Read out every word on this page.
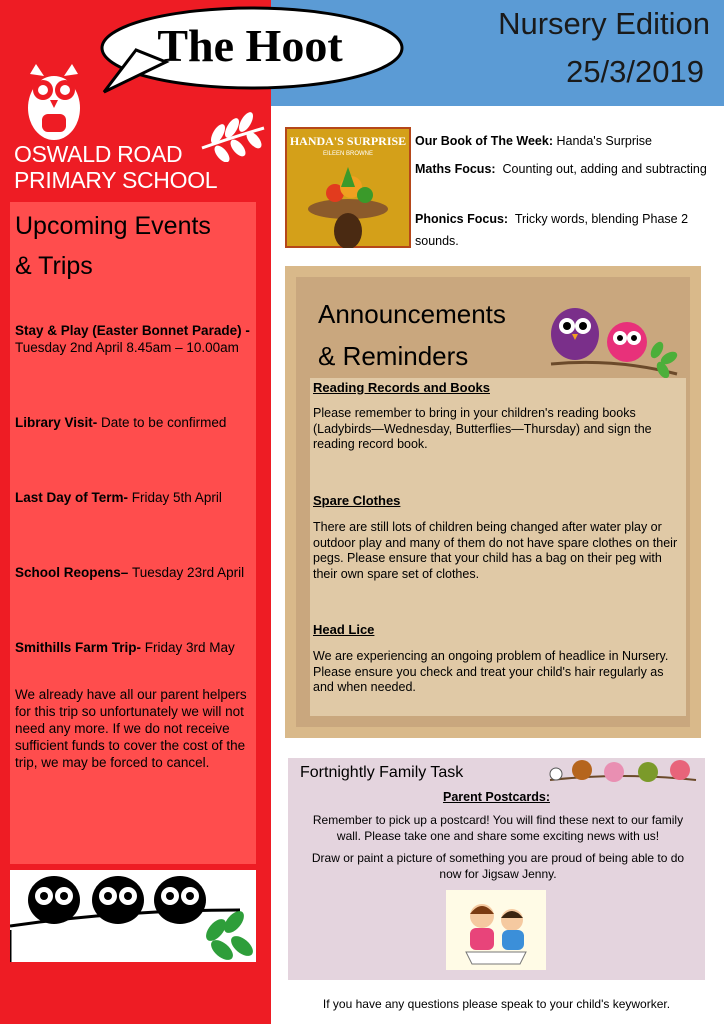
The Hoot	Nursery Edition
25/3/2019
OSWALD ROAD
PRIMARY SCHOOL
Upcoming Events
& Trips
Stay & Play (Easter Bonnet Parade) - Tuesday 2nd April 8.45am – 10.00am
Library Visit- Date to be confirmed
Last Day of Term- Friday 5th April
School Reopens– Tuesday 23rd April
Smithills Farm Trip- Friday 3rd May
We already have all our parent helpers for this trip so unfortunately we will not need any more. If we do not receive sufficient funds to cover the cost of the trip, we may be forced to cancel.
HANDA'S SURPRISE
EILEEN BROWNE
Our Book of The Week: Handa's Surprise
Maths Focus: Counting out, adding and subtracting
Phonics Focus: Tricky words, blending Phase 2 sounds.
Announcements
& Reminders
Reading Records and Books
Please remember to bring in your children's reading books (Ladybirds—Wednesday, Butterflies—Thursday) and sign the reading record book.
Spare Clothes
There are still lots of children being changed after water play or outdoor play and many of them do not have spare clothes on their pegs. Please ensure that your child has a bag on their peg with their own spare set of clothes.
Head Lice
We are experiencing an ongoing problem of headlice in Nursery. Please ensure you check and treat your child's hair regularly as and when needed.
Fortnightly Family Task
Parent Postcards:
Remember to pick up a postcard! You will find these next to our family wall. Please take one and share some exciting news with us!
Draw or paint a picture of something you are proud of being able to do now for Jigsaw Jenny.
If you have any questions please speak to your child's keyworker.
